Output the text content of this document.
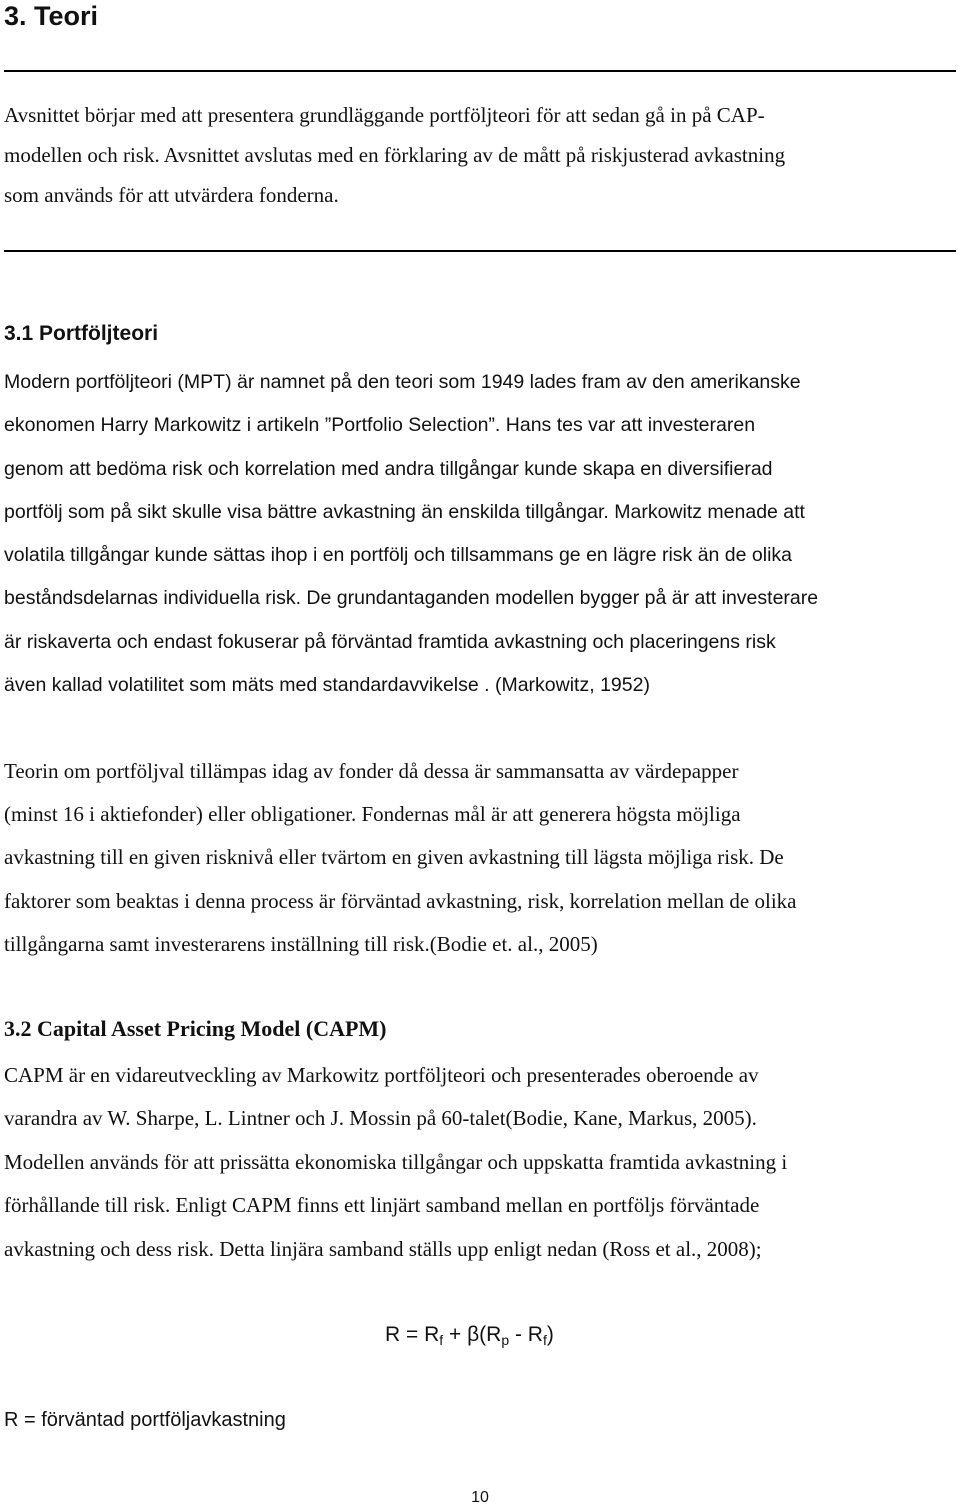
3. Teori
Avsnittet börjar med att presentera grundläggande portföljteori för att sedan gå in på CAP-
modellen och risk. Avsnittet avslutas med en förklaring av de mått på riskjusterad avkastning
som används för att utvärdera fonderna.
3.1 Portföljteori
Modern portföljteori (MPT) är namnet på den teori som 1949 lades fram av den amerikanske
ekonomen Harry Markowitz i artikeln ”Portfolio Selection”. Hans tes var att investeraren
genom att bedöma risk och korrelation med andra tillgångar kunde skapa en diversifierad
portfölj som på sikt skulle visa bättre avkastning än enskilda tillgångar. Markowitz menade att
volatila tillgångar kunde sättas ihop i en portfölj och tillsammans ge en lägre risk än de olika
beståndsdelarnas individuella risk. De grundantaganden modellen bygger på är att investerare
är riskaverta och endast fokuserar på förväntad framtida avkastning och placeringens risk
även kallad volatilitet som mäts med standardavvikelse . (Markowitz, 1952)
Teorin om portföljval tillämpas idag av fonder då dessa är sammansatta av värdepapper
(minst 16 i aktiefonder) eller obligationer. Fondernas mål är att generera högsta möjliga
avkastning till en given risknivå eller tvärtom en given avkastning till lägsta möjliga risk. De
faktorer som beaktas i denna process är förväntad avkastning, risk, korrelation mellan de olika
tillgångarna samt investerarens inställning till risk.(Bodie et. al., 2005)
3.2 Capital Asset Pricing Model (CAPM)
CAPM är en vidareutveckling av Markowitz portföljteori och presenterades oberoende av
varandra av W. Sharpe, L. Lintner och J. Mossin på 60-talet(Bodie, Kane, Markus, 2005).
Modellen används för att prissätta ekonomiska tillgångar och uppskatta framtida avkastning i
förhållande till risk. Enligt CAPM finns ett linjärt samband mellan en portföljs förväntade
avkastning och dess risk. Detta linjära samband ställs upp enligt nedan (Ross et al., 2008);
$R = R_f + \beta(R_p - R_f)$
R = förväntad portföljavkastning
10
